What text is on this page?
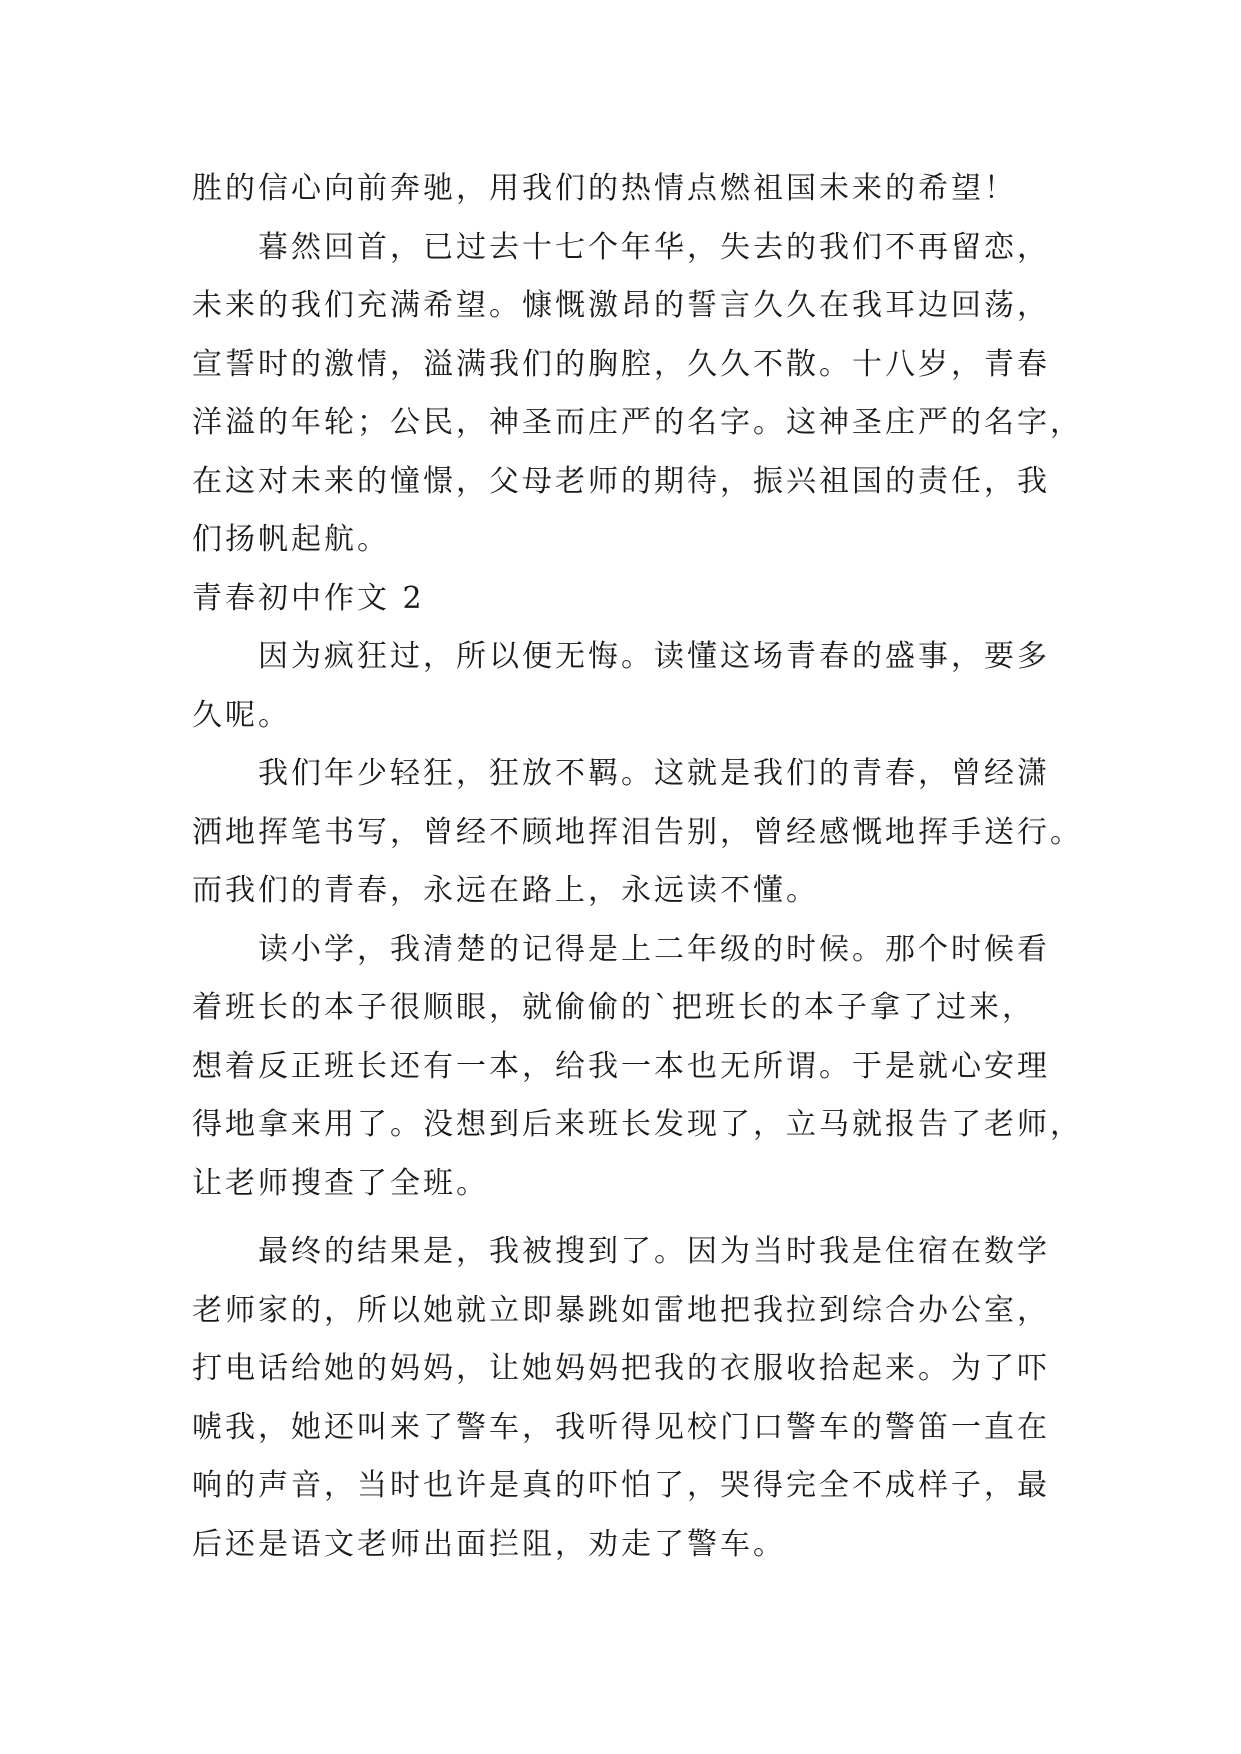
胜的信心向前奔驰，用我们的热情点燃祖国未来的希望！
暮然回首，已过去十七个年华，失去的我们不再留恋，
未来的我们充满希望。慷慨激昂的誓言久久在我耳边回荡，
宣誓时的激情，溢满我们的胸腔，久久不散。十八岁，青春
洋溢的年轮；公民，神圣而庄严的名字。这神圣庄严的名字，
在这对未来的憧憬，父母老师的期待，振兴祖国的责任，我
们扬帆起航。
青春初中作文 2
因为疯狂过，所以便无悔。读懂这场青春的盛事，要多
久呢。
我们年少轻狂，狂放不羁。这就是我们的青春，曾经潇
洒地挥笔书写，曾经不顾地挥泪告别，曾经感慨地挥手送行。
而我们的青春，永远在路上，永远读不懂。
读小学，我清楚的记得是上二年级的时候。那个时候看
着班长的本子很顺眼，就偷偷的`把班长的本子拿了过来，
想着反正班长还有一本，给我一本也无所谓。于是就心安理
得地拿来用了。没想到后来班长发现了，立马就报告了老师，
让老师搜查了全班。
最终的结果是，我被搜到了。因为当时我是住宿在数学
老师家的，所以她就立即暴跳如雷地把我拉到综合办公室，
打电话给她的妈妈，让她妈妈把我的衣服收拾起来。为了吓
唬我，她还叫来了警车，我听得见校门口警车的警笛一直在
响的声音，当时也许是真的吓怕了，哭得完全不成样子，最
后还是语文老师出面拦阻，劝走了警车。
